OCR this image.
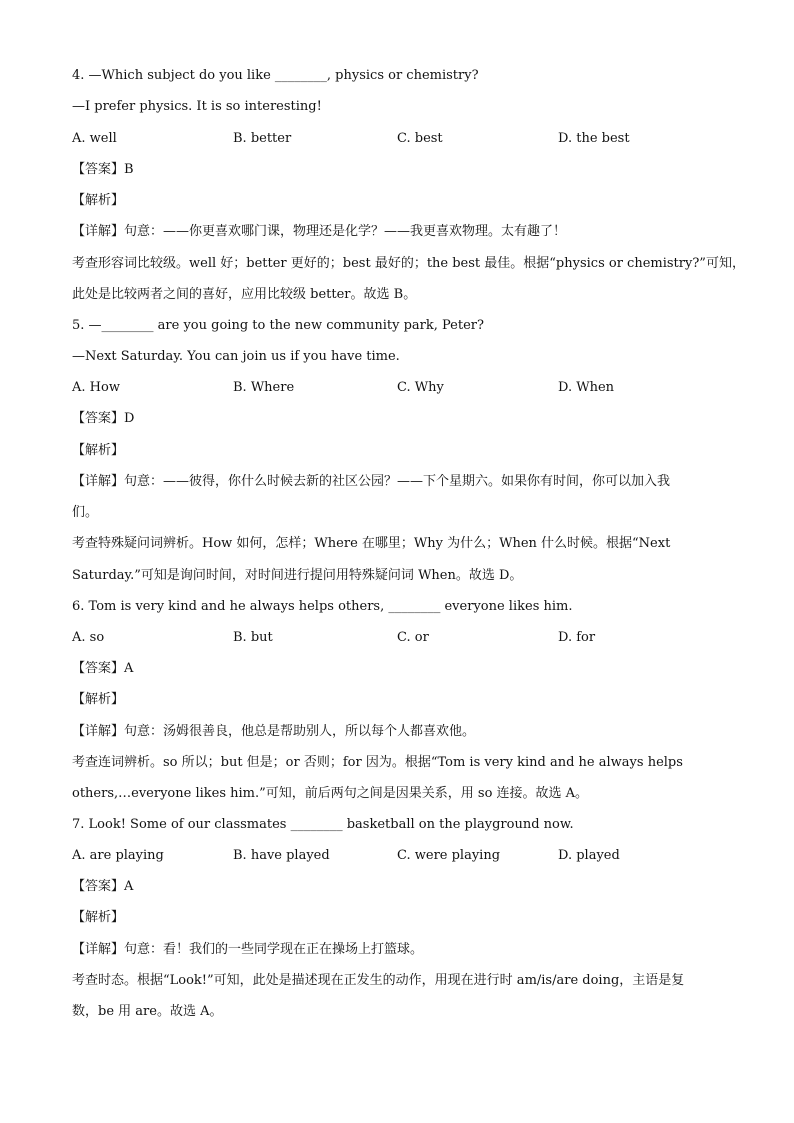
4. —Which subject do you like ________, physics or chemistry?
—I prefer physics. It is so interesting!
A. well	B. better	C. best	D. the best
【答案】B
【解析】
【详解】句意：——你更喜欢哪门课，物理还是化学？——我更喜欢物理。太有趣了！
考查形容词比较级。well 好；better 更好的；best 最好的；the best 最佳。根据“physics or chemistry?”可知，
此处是比较两者之间的喜好，应用比较级 better。故选 B。
5. —________ are you going to the new community park, Peter?
—Next Saturday. You can join us if you have time.
A. How	B. Where	C. Why	D. When
【答案】D
【解析】
【详解】句意：——彼得，你什么时候去新的社区公园？——下个星期六。如果你有时间，你可以加入我
们。
考查特殊疑问词辨析。How 如何，怎样；Where 在哪里；Why 为什么；When 什么时候。根据“Next
Saturday.”可知是询问时间，对时间进行提问用特殊疑问词 When。故选 D。
6. Tom is very kind and he always helps others, ________ everyone likes him.
A. so	B. but	C. or	D. for
【答案】A
【解析】
【详解】句意：汤姆很善良，他总是帮助别人，所以每个人都喜欢他。
考查连词辨析。so 所以；but 但是；or 否则；for 因为。根据“Tom is very kind and he always helps
others,…everyone likes him.”可知，前后两句之间是因果关系，用 so 连接。故选 A。
7. Look! Some of our classmates ________ basketball on the playground now.
A. are playing	B. have played	C. were playing	D. played
【答案】A
【解析】
【详解】句意：看！我们的一些同学现在正在操场上打篮球。
考查时态。根据“Look!”可知，此处是描述现在正发生的动作，用现在进行时 am/is/are doing，主语是复
数，be 用 are。故选 A。
